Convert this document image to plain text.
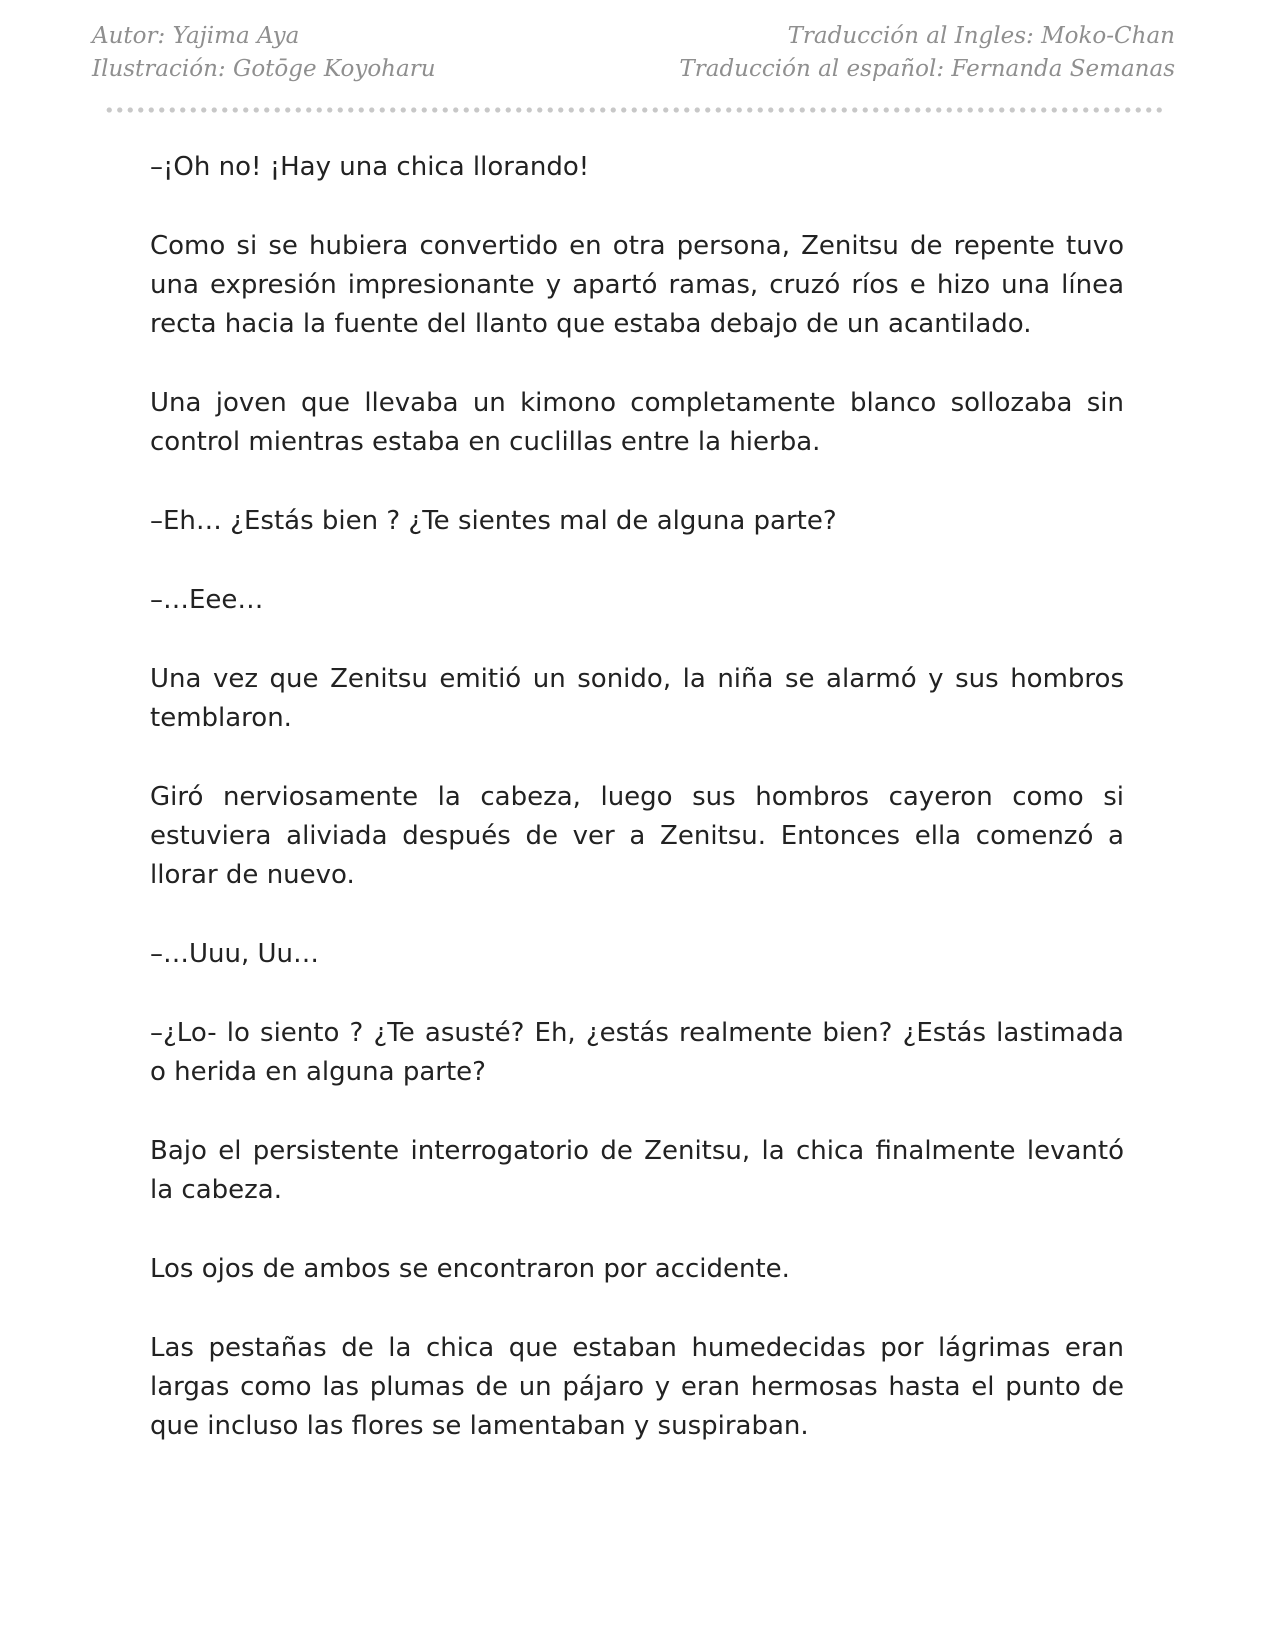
Autor: Yajima Aya
Ilustración: Gotōge Koyoharu
Traducción al Ingles: Moko-Chan
Traducción al español: Fernanda Semanas

–¡Oh no! ¡Hay una chica llorando!

Como si se hubiera convertido en otra persona, Zenitsu de repente tuvo una expresión impresionante y apartó ramas, cruzó ríos e hizo una línea recta hacia la fuente del llanto que estaba debajo de un acantilado.

Una joven que llevaba un kimono completamente blanco sollozaba sin control mientras estaba en cuclillas entre la hierba.

–Eh… ¿Estás bien ? ¿Te sientes mal de alguna parte?

–…Eee…

Una vez que Zenitsu emitió un sonido, la niña se alarmó y sus hombros temblaron.

Giró nerviosamente la cabeza, luego sus hombros cayeron como si estuviera aliviada después de ver a Zenitsu. Entonces ella comenzó a llorar de nuevo.

–…Uuu, Uu…

–¿Lo- lo siento ? ¿Te asusté? Eh, ¿estás realmente bien? ¿Estás lastimada o herida en alguna parte?

Bajo el persistente interrogatorio de Zenitsu, la chica finalmente levantó la cabeza.

Los ojos de ambos se encontraron por accidente.

Las pestañas de la chica que estaban humedecidas por lágrimas eran largas como las plumas de un pájaro y eran hermosas hasta el punto de que incluso las flores se lamentaban y suspiraban.
